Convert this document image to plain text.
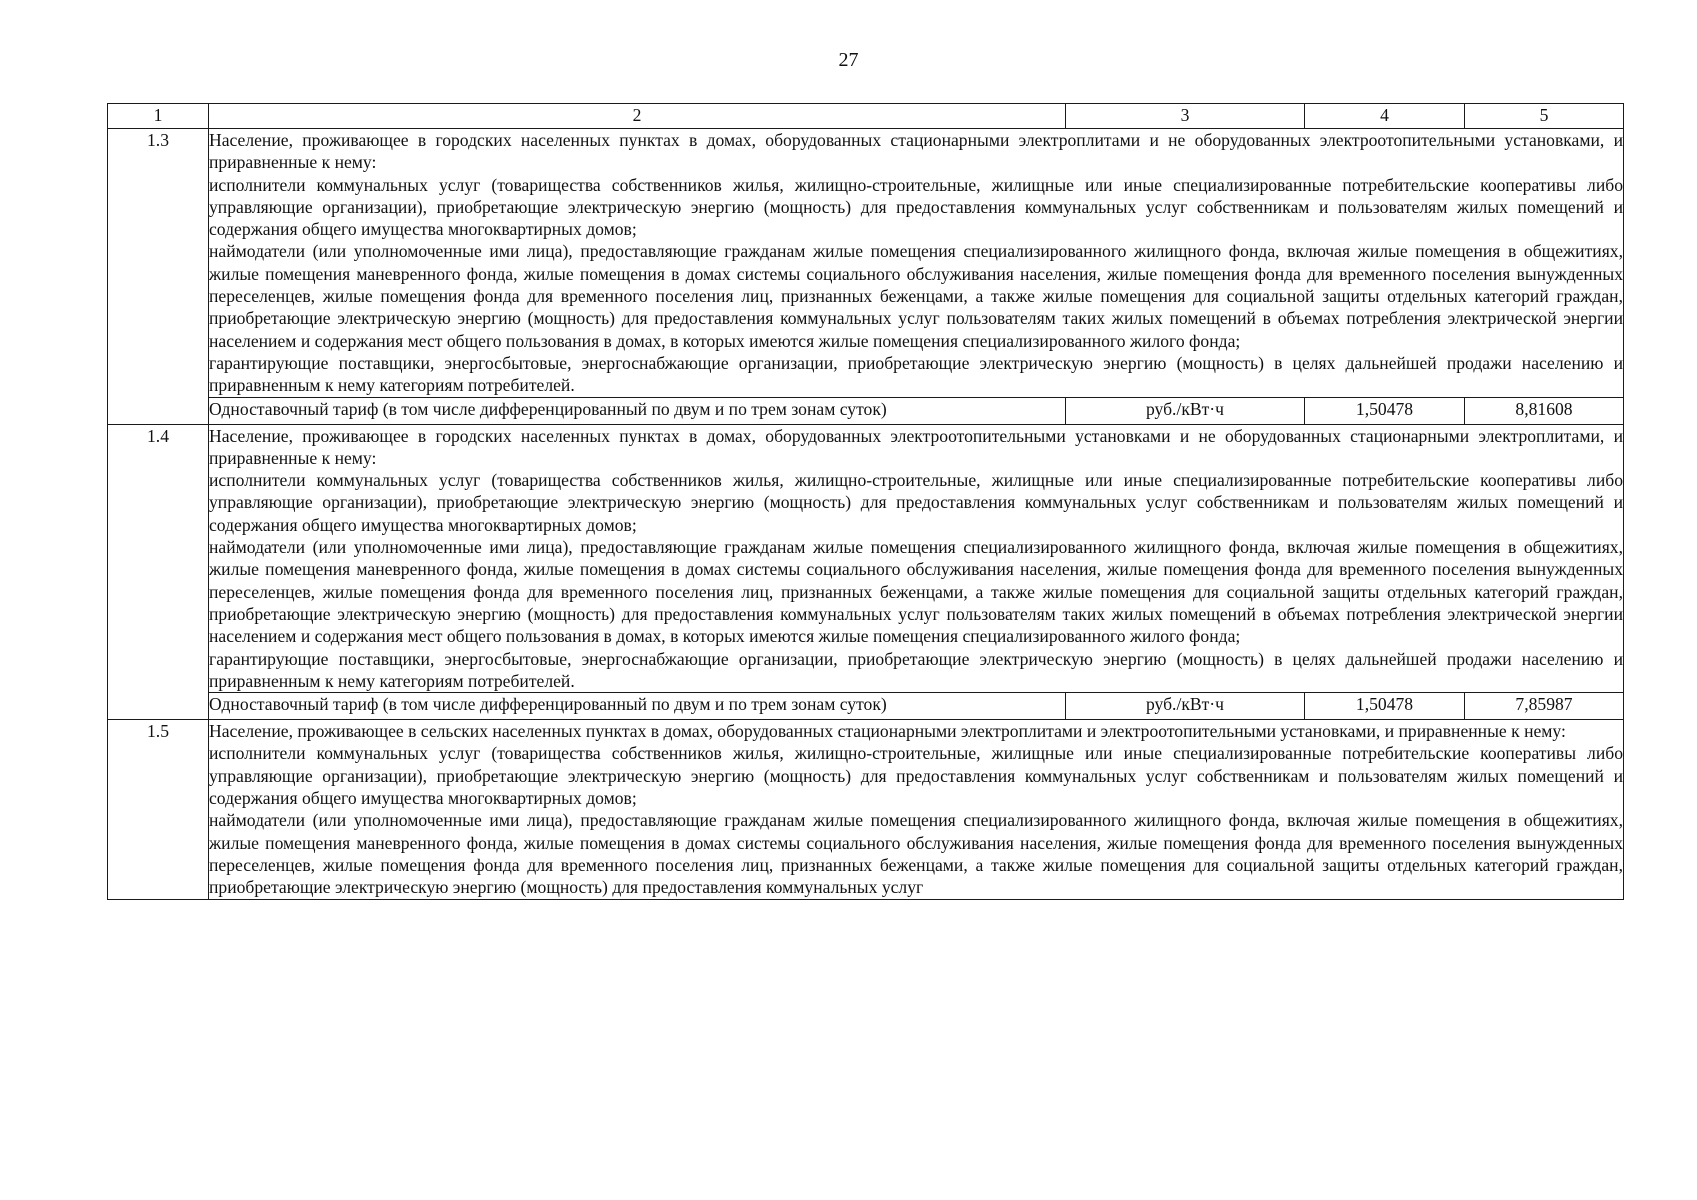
27
1	2	3	4	5
1.3	Население, проживающее в городских населенных пунктах в домах, оборудованных стационарными электроплитами и не оборудованных электроотопительными установками, и приравненные к нему:
исполнители коммунальных услуг (товарищества собственников жилья, жилищно-строительные, жилищные или иные специализированные потребительские кооперативы либо управляющие организации), приобретающие электрическую энергию (мощность) для предоставления коммунальных услуг собственникам и пользователям жилых помещений и содержания общего имущества многоквартирных домов;
наймодатели (или уполномоченные ими лица), предоставляющие гражданам жилые помещения специализированного жилищного фонда, включая жилые помещения в общежитиях, жилые помещения маневренного фонда, жилые помещения в домах системы социального обслуживания населения, жилые помещения фонда для временного поселения вынужденных переселенцев, жилые помещения фонда для временного поселения лиц, признанных беженцами, а также жилые помещения для социальной защиты отдельных категорий граждан, приобретающие электрическую энергию (мощность) для предоставления коммунальных услуг пользователям таких жилых помещений в объемах потребления электрической энергии населением и содержания мест общего пользования в домах, в которых имеются жилые помещения специализированного жилого фонда;
гарантирующие поставщики, энергосбытовые, энергоснабжающие организации, приобретающие электрическую энергию (мощность) в целях дальнейшей продажи населению и приравненным к нему категориям потребителей.			

	Одноставочный тариф (в том числе дифференцированный по двум и по трем зонам суток)	руб./кВт·ч	1,50478	8,81608
1.4	Население, проживающее в городских населенных пунктах в домах, оборудованных электроотопительными установками и не оборудованных стационарными электроплитами, и приравненные к нему:
исполнители коммунальных услуг (товарищества собственников жилья, жилищно-строительные, жилищные или иные специализированные потребительские кооперативы либо управляющие организации), приобретающие электрическую энергию (мощность) для предоставления коммунальных услуг собственникам и пользователям жилых помещений и содержания общего имущества многоквартирных домов;
наймодатели (или уполномоченные ими лица), предоставляющие гражданам жилые помещения специализированного жилищного фонда, включая жилые помещения в общежитиях, жилые помещения маневренного фонда, жилые помещения в домах системы социального обслуживания населения, жилые помещения фонда для временного поселения вынужденных переселенцев, жилые помещения фонда для временного поселения лиц, признанных беженцами, а также жилые помещения для социальной защиты отдельных категорий граждан, приобретающие электрическую энергию (мощность) для предоставления коммунальных услуг пользователям таких жилых помещений в объемах потребления электрической энергии населением и содержания мест общего пользования в домах, в которых имеются жилые помещения специализированного жилого фонда;
гарантирующие поставщики, энергосбытовые, энергоснабжающие организации, приобретающие электрическую энергию (мощность) в целях дальнейшей продажи населению и приравненным к нему категориям потребителей.			

	Одноставочный тариф (в том числе дифференцированный по двум и по трем зонам суток)	руб./кВт·ч	1,50478	7,85987
1.5	Население, проживающее в сельских населенных пунктах в домах, оборудованных стационарными электроплитами и электроотопительными установками, и приравненные к нему:
исполнители коммунальных услуг (товарищества собственников жилья, жилищно-строительные, жилищные или иные специализированные потребительские кооперативы либо управляющие организации), приобретающие электрическую энергию (мощность) для предоставления коммунальных услуг собственникам и пользователям жилых помещений и содержания общего имущества многоквартирных домов;
наймодатели (или уполномоченные ими лица), предоставляющие гражданам жилые помещения специализированного жилищного фонда, включая жилые помещения в общежитиях, жилые помещения маневренного фонда, жилые помещения в домах системы социального обслуживания населения, жилые помещения фонда для временного поселения вынужденных переселенцев, жилые помещения фонда для временного поселения лиц, признанных беженцами, а также жилые помещения для социальной защиты отдельных категорий граждан, приобретающие электрическую энергию (мощность) для предоставления коммунальных услуг			
